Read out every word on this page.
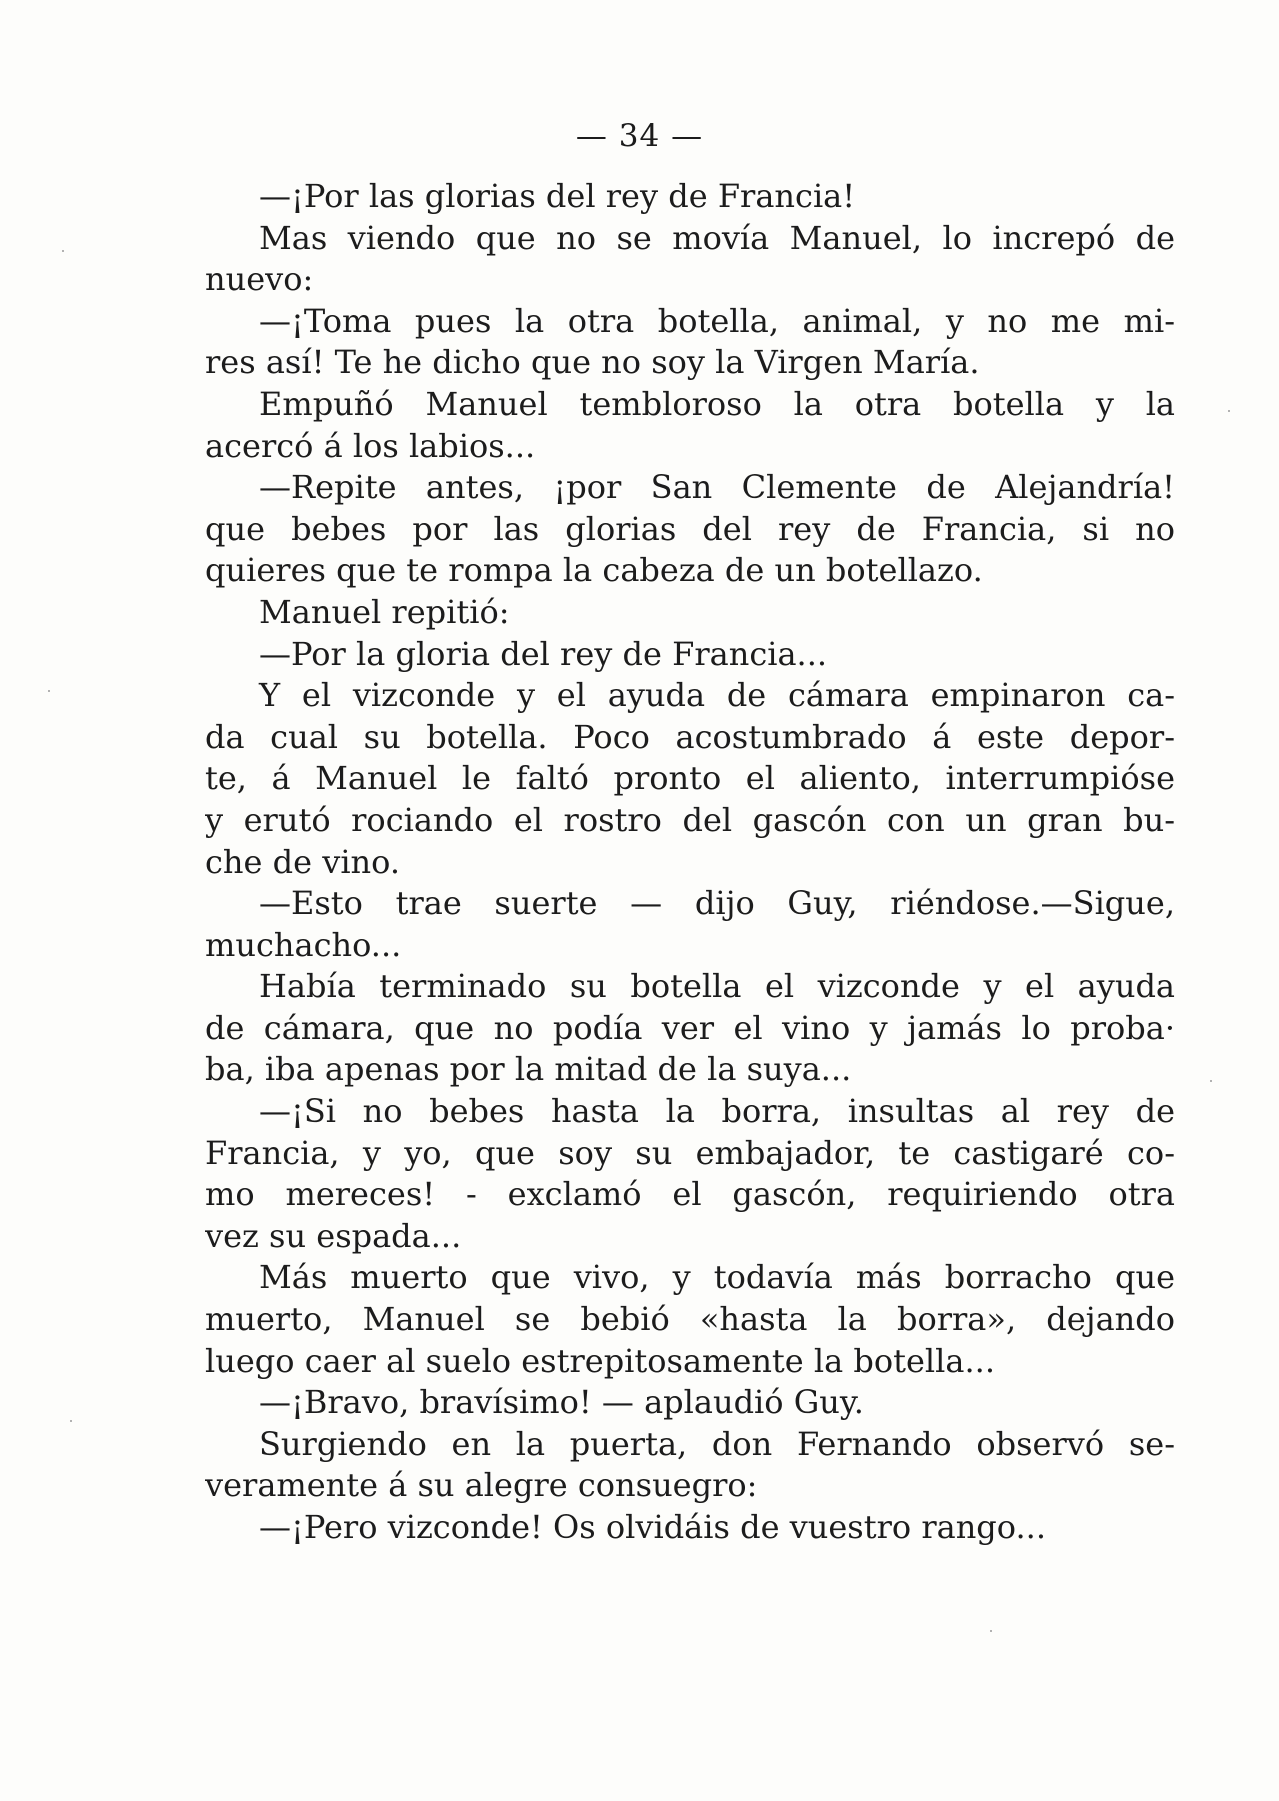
— 34 —
—¡Por las glorias del rey de Francia!
Mas viendo que no se movía Manuel, lo increpó de
nuevo:
—¡Toma pues la otra botella, animal, y no me mi-
res así! Te he dicho que no soy la Virgen María.
Empuñó Manuel tembloroso la otra botella y la
acercó á los labios...
—Repite antes, ¡por San Clemente de Alejandría!
que bebes por las glorias del rey de Francia, si no
quieres que te rompa la cabeza de un botellazo.
Manuel repitió:
—Por la gloria del rey de Francia...
Y el vizconde y el ayuda de cámara empinaron ca-
da cual su botella. Poco acostumbrado á este depor-
te, á Manuel le faltó pronto el aliento, interrumpióse
y erutó rociando el rostro del gascón con un gran bu-
che de vino.
—Esto trae suerte — dijo Guy, riéndose.—Sigue,
muchacho...
Había terminado su botella el vizconde y el ayuda
de cámara, que no podía ver el vino y jamás lo proba·
ba, iba apenas por la mitad de la suya...
—¡Si no bebes hasta la borra, insultas al rey de
Francia, y yo, que soy su embajador, te castigaré co-
mo mereces! - exclamó el gascón, requiriendo otra
vez su espada...
Más muerto que vivo, y todavía más borracho que
muerto, Manuel se bebió «hasta la borra», dejando
luego caer al suelo estrepitosamente la botella...
—¡Bravo, bravísimo! — aplaudió Guy.
Surgiendo en la puerta, don Fernando observó se-
veramente á su alegre consuegro:
—¡Pero vizconde! Os olvidáis de vuestro rango...
